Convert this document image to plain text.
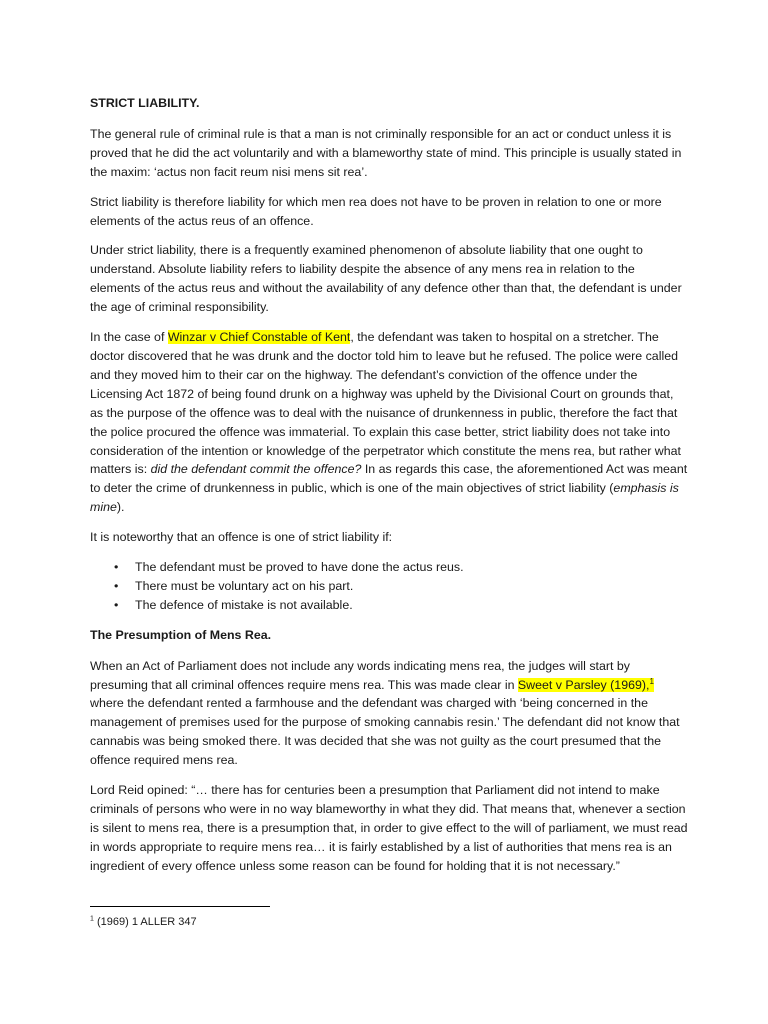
STRICT LIABILITY.

The general rule of criminal rule is that a man is not criminally responsible for an act or conduct unless it is proved that he did the act voluntarily and with a blameworthy state of mind. This principle is usually stated in the maxim: ‘actus non facit reum nisi mens sit rea’.

Strict liability is therefore liability for which men rea does not have to be proven in relation to one or more elements of the actus reus of an offence.

Under strict liability, there is a frequently examined phenomenon of absolute liability that one ought to understand. Absolute liability refers to liability despite the absence of any mens rea in relation to the elements of the actus reus and without the availability of any defence other than that, the defendant is under the age of criminal responsibility.

In the case of Winzar v Chief Constable of Kent, the defendant was taken to hospital on a stretcher. The doctor discovered that he was drunk and the doctor told him to leave but he refused. The police were called and they moved him to their car on the highway. The defendant’s conviction of the offence under the Licensing Act 1872 of being found drunk on a highway was upheld by the Divisional Court on grounds that, as the purpose of the offence was to deal with the nuisance of drunkenness in public, therefore the fact that the police procured the offence was immaterial. To explain this case better, strict liability does not take into consideration of the intention or knowledge of the perpetrator which constitute the mens rea, but rather what matters is: did the defendant commit the offence? In as regards this case, the aforementioned Act was meant to deter the crime of drunkenness in public, which is one of the main objectives of strict liability (emphasis is mine).

It is noteworthy that an offence is one of strict liability if:

• The defendant must be proved to have done the actus reus.
• There must be voluntary act on his part.
• The defence of mistake is not available.

The Presumption of Mens Rea.

When an Act of Parliament does not include any words indicating mens rea, the judges will start by presuming that all criminal offences require mens rea. This was made clear in Sweet v Parsley (1969),$^1$ where the defendant rented a farmhouse and the defendant was charged with ‘being concerned in the management of premises used for the purpose of smoking cannabis resin.’ The defendant did not know that cannabis was being smoked there. It was decided that she was not guilty as the court presumed that the offence required mens rea.

Lord Reid opined: “… there has for centuries been a presumption that Parliament did not intend to make criminals of persons who were in no way blameworthy in what they did. That means that, whenever a section is silent to mens rea, there is a presumption that, in order to give effect to the will of parliament, we must read in words appropriate to require mens rea… it is fairly established by a list of authorities that mens rea is an ingredient of every offence unless some reason can be found for holding that it is not necessary.”

$^1$ (1969) 1 ALLER 347
